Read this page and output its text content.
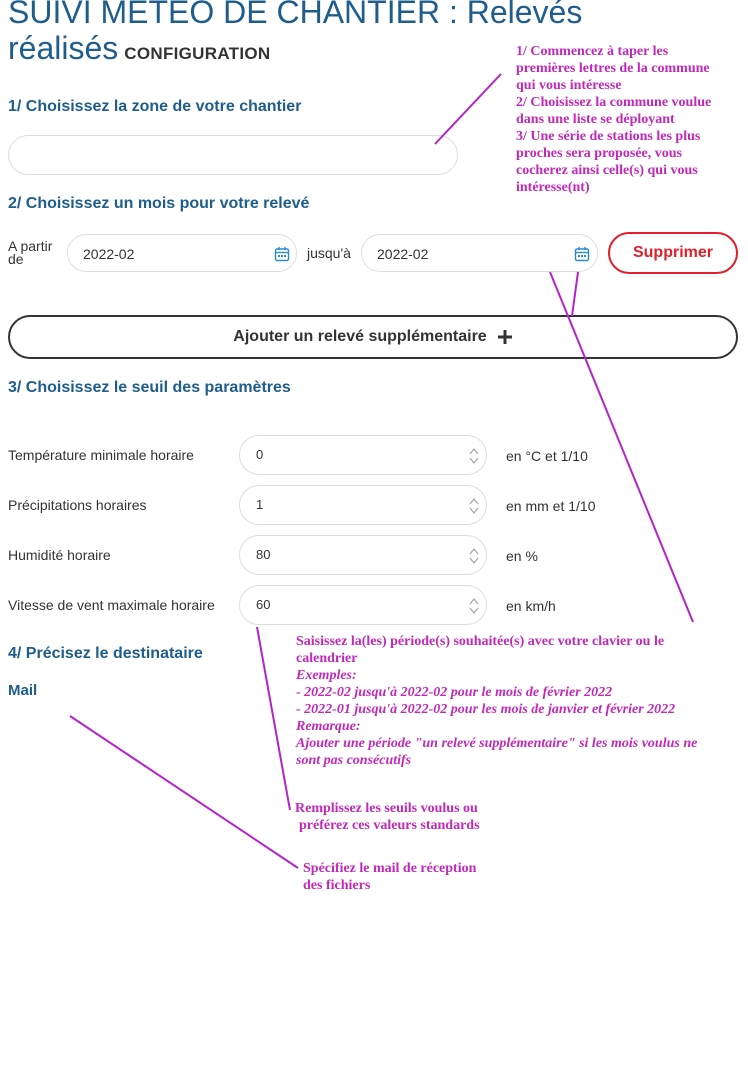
SUIVI METEO DE CHANTIER : Relevés réalisés CONFIGURATION
1/ Choisissez la zone de votre chantier
2/ Choisissez un mois pour votre relevé
A partir
de	2022-02	jusqu'à 2022-02	Supprimer
Ajouter un relevé supplémentaire
3/ Choisissez le seuil des paramètres
Température minimale horaire	0	en °C et 1/10
Précipitations horaires	1	en mm et 1/10
Humidité horaire	80	en %
Vitesse de vent maximale horaire	60	en km/h
4/ Précisez le destinataire
Mail
1/ Commencez à taper les
premières lettres de la commune
qui vous intéresse
2/ Choisissez la commune voulue
dans une liste se déployant
3/ Une série de stations les plus
proches sera proposée, vous
cocherez ainsi celle(s) qui vous
intéresse(nt)
Saisissez la(les) période(s) souhaitée(s) avec votre clavier ou le
calendrier
Exemples:
- 2022-02 jusqu'à 2022-02 pour le mois de février 2022
- 2022-01 jusqu'à 2022-02 pour les mois de janvier et février 2022
Remarque:
Ajouter une période "un relevé supplémentaire" si les mois voulus ne
sont pas consécutifs
Remplissez les seuils voulus ou
préférez ces valeurs standards
Spécifiez le mail de réception
des fichiers
